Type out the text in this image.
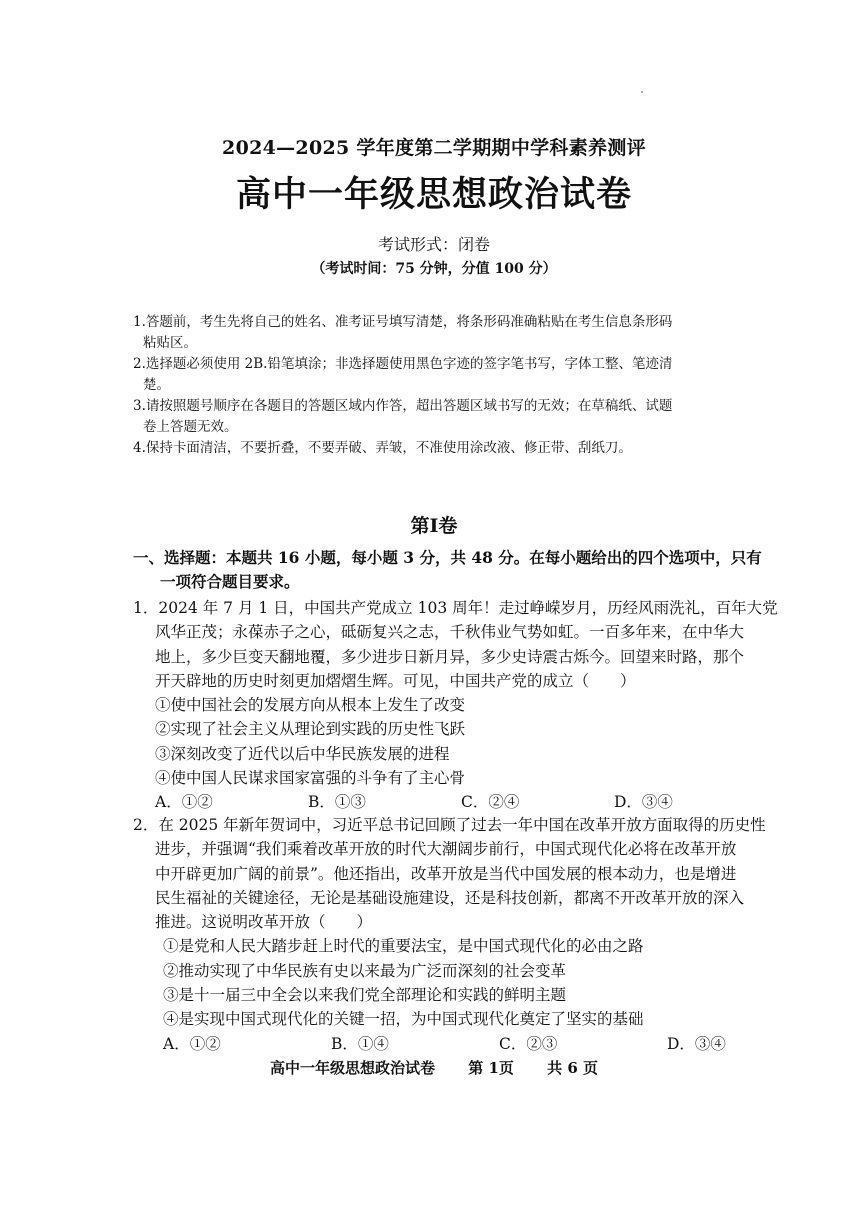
2024—2025 学年度第二学期期中学科素养测评
高中一年级思想政治试卷
考试形式：闭卷
（考试时间：75 分钟，分值 100 分）
1.答题前，考生先将自己的姓名、准考证号填写清楚，将条形码准确粘贴在考生信息条形码
粘贴区。
2.选择题必须使用 2B.铅笔填涂；非选择题使用黑色字迹的签字笔书写，字体工整、笔迹清
楚。
3.请按照题号顺序在各题目的答题区域内作答，超出答题区域书写的无效；在草稿纸、试题
卷上答题无效。
4.保持卡面清洁，不要折叠，不要弄破、弄皱，不准使用涂改液、修正带、刮纸刀。
第Ⅰ卷
一、选择题：本题共 16 小题，每小题 3 分，共 48 分。在每小题给出的四个选项中，只有
一项符合题目要求。
1．2024 年 7 月 1 日，中国共产党成立 103 周年！走过峥嵘岁月，历经风雨洗礼，百年大党
风华正茂；永葆赤子之心，砥砺复兴之志，千秋伟业气势如虹。一百多年来，在中华大
地上，多少巨变天翻地覆，多少进步日新月异，多少史诗震古烁今。回望来时路，那个
开天辟地的历史时刻更加熠熠生辉。可见，中国共产党的成立（　　）
①使中国社会的发展方向从根本上发生了改变
②实现了社会主义从理论到实践的历史性飞跃
③深刻改变了近代以后中华民族发展的进程
④使中国人民谋求国家富强的斗争有了主心骨
A．①②	B．①③	C．②④	D．③④
2．在 2025 年新年贺词中，习近平总书记回顾了过去一年中国在改革开放方面取得的历史性
进步，并强调“我们乘着改革开放的时代大潮阔步前行，中国式现代化必将在改革开放
中开辟更加广阔的前景”。他还指出，改革开放是当代中国发展的根本动力，也是增进
民生福祉的关键途径，无论是基础设施建设，还是科技创新，都离不开改革开放的深入
推进。这说明改革开放（　　）
①是党和人民大踏步赶上时代的重要法宝，是中国式现代化的必由之路
②推动实现了中华民族有史以来最为广泛而深刻的社会变革
③是十一届三中全会以来我们党全部理论和实践的鲜明主题
④是实现中国式现代化的关键一招，为中国式现代化奠定了坚实的基础
A．①②	B．①④	C．②③	D．③④
高中一年级思想政治试卷 第 1页 共 6 页
